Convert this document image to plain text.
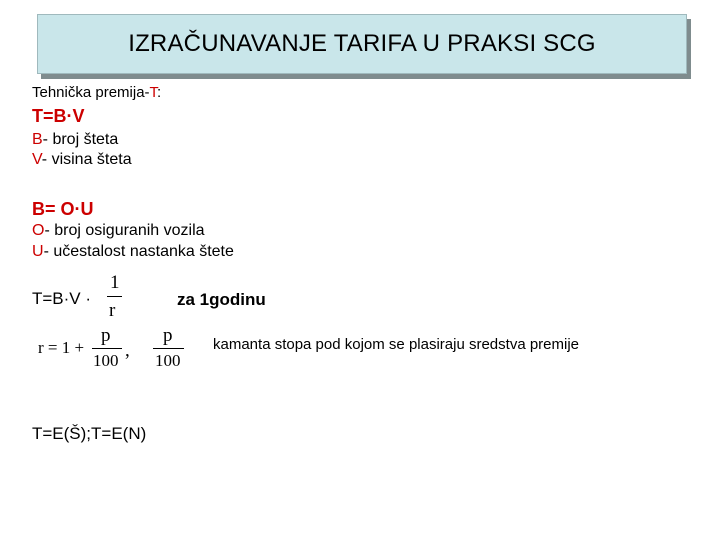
IZRAČUNAVANJE TARIFA U PRAKSI SCG
Tehnička premija-T:
T=B·V
B- broj šteta
V- visina šteta
B= O·U
O- broj osiguranih vozila
U- učestalost nastanka štete
T=B·V ·
1
r
za 1godinu
r = 1 +
p
100 ,
p
100
kamanta stopa pod kojom se plasiraju sredstva premije
T=E(Š);T=E(N)
